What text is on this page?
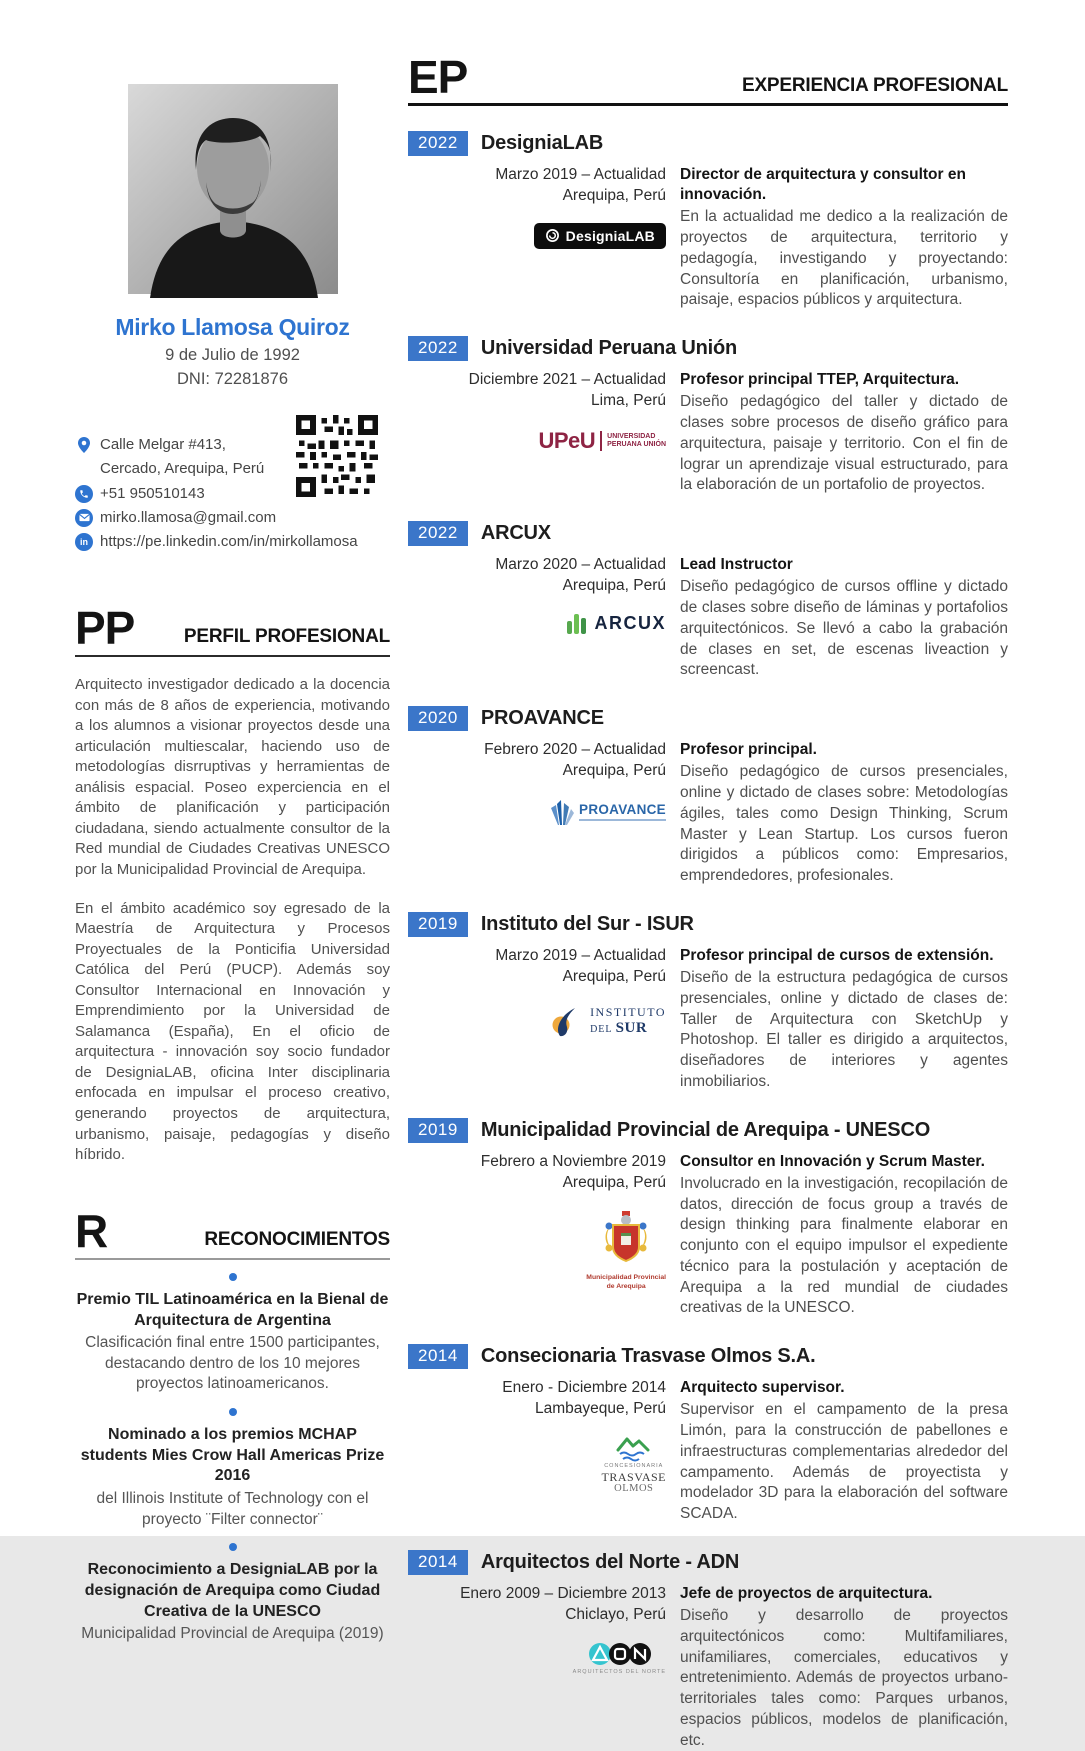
Mirko Llamosa Quiroz
9 de Julio de 1992
DNI: 72281876
Calle Melgar #413,
Cercado, Arequipa, Perú
+51 950510143
mirko.llamosa@gmail.com
in https://pe.linkedin.com/in/mirkollamosa
PP	PERFIL PROFESIONAL
Arquitecto investigador dedicado a la docencia con más de 8 años de experiencia, motivando a los alumnos a visionar proyectos desde una articulación multiescalar, haciendo uso de metodologías disrruptivas y herramientas de análisis espacial. Poseo experciencia en el ámbito de planificación y participación ciudadana, siendo actualmente consultor de la Red mundial de Ciudades Creativas UNESCO por la Municipalidad Provincial de Arequipa.
En el ámbito académico soy egresado de la Maestría de Arquitectura y Procesos Proyectuales de la Ponticifia Universidad Católica del Perú (PUCP). Además soy Consultor Internacional en Innovación y Emprendimiento por la Universidad de Salamanca (España), En el oficio de arquitectura - innovación soy socio fundador de DesigniaLAB, oficina Inter disciplinaria enfocada en impulsar el proceso creativo, generando proyectos de arquitectura, urbanismo, paisaje, pedagogías y diseño híbrido.
R	RECONOCIMIENTOS
Premio TIL Latinoamérica en la Bienal de Arquitectura de Argentina
Clasificación final entre 1500 participantes, destacando dentro de los 10 mejores proyectos latinoamericanos.
Nominado a los premios MCHAP students Mies Crow Hall Americas Prize 2016
del Illinois Institute of Technology con el proyecto ¨Filter connector¨
Reconocimiento a DesigniaLAB por la designación de Arequipa como Ciudad Creativa de la UNESCO
Municipalidad Provincial de Arequipa (2019)
EP	EXPERIENCIA PROFESIONAL
2022	DesigniaLAB
Marzo 2019 – Actualidad
Arequipa, Perú
DesigniaLAB
Director de arquitectura y consultor en innovación.
En la actualidad me dedico a la realización de proyectos de arquitectura, territorio y pedagogía, investigando y proyectando: Consultoría en planificación, urbanismo, paisaje, espacios públicos y arquitectura.
2022	Universidad Peruana Unión
Diciembre 2021 – Actualidad
Lima, Perú
UPeU UNIVERSIDAD
PERUANA UNIÓN
Profesor principal TTEP, Arquitectura.
Diseño pedagógico del taller y dictado de clases sobre procesos de diseño gráfico para arquitectura, paisaje y territorio. Con el fin de lograr un aprendizaje visual estructurado, para la elaboración de un portafolio de proyectos.
2022	ARCUX
Marzo 2020 – Actualidad
Arequipa, Perú
ARCUX
Lead Instructor
Diseño pedagógico de cursos offline y dictado de clases sobre diseño de láminas y portafolios arquitectónicos. Se llevó a cabo la grabación de clases en set, de escenas liveaction y screencast.
2020	PROAVANCE
Febrero 2020 – Actualidad
Arequipa, Perú
PROAVANCE
Profesor principal.
Diseño pedagógico de cursos presenciales, online y dictado de clases sobre: Metodologías ágiles, tales como Design Thinking, Scrum Master y Lean Startup. Los cursos fueron dirigidos a públicos como: Empresarios, emprendedores, profesionales.
2019	Instituto del Sur - ISUR
Marzo 2019 – Actualidad
Arequipa, Perú
INSTITUTO
DEL SUR
Profesor principal de cursos de extensión.
Diseño de la estructura pedagógica de cursos presenciales, online y dictado de clases de: Taller de Arquitectura con SketchUp y Photoshop. El taller es dirigido a arquitectos, diseñadores de interiores y agentes inmobiliarios.
2019	Municipalidad Provincial de Arequipa - UNESCO
Febrero a Noviembre 2019
Arequipa, Perú
Municipalidad Provincial
de Arequipa
Consultor en Innovación y Scrum Master.
Involucrado en la investigación, recopilación de datos, dirección de focus group a través de design thinking para finalmente elaborar en conjunto con el equipo impulsor el expediente técnico para la postulación y aceptación de Arequipa a la red mundial de ciudades creativas de la UNESCO.
2014	Consecionaria Trasvase Olmos S.A.
Enero - Diciembre 2014
Lambayeque, Perú
CONCESIONARIA
TRASVASE
OLMOS
Arquitecto supervisor.
Supervisor en el campamento de la presa Limón, para la construcción de pabellones e infraestructuras complementarias alrededor del campamento. Además de proyectista y modelador 3D para la elaboración del software SCADA.
2014	Arquitectos del Norte - ADN
Enero 2009 – Diciembre 2013
Chiclayo, Perú
ARQUITECTOS DEL NORTE
Jefe de proyectos de arquitectura.
Diseño y desarrollo de proyectos arquitectónicos como: Multifamiliares, unifamiliares, comerciales, educativos y entretenimiento. Además de proyectos urbano-territoriales tales como: Parques urbanos, espacios públicos, modelos de planificación, etc.
